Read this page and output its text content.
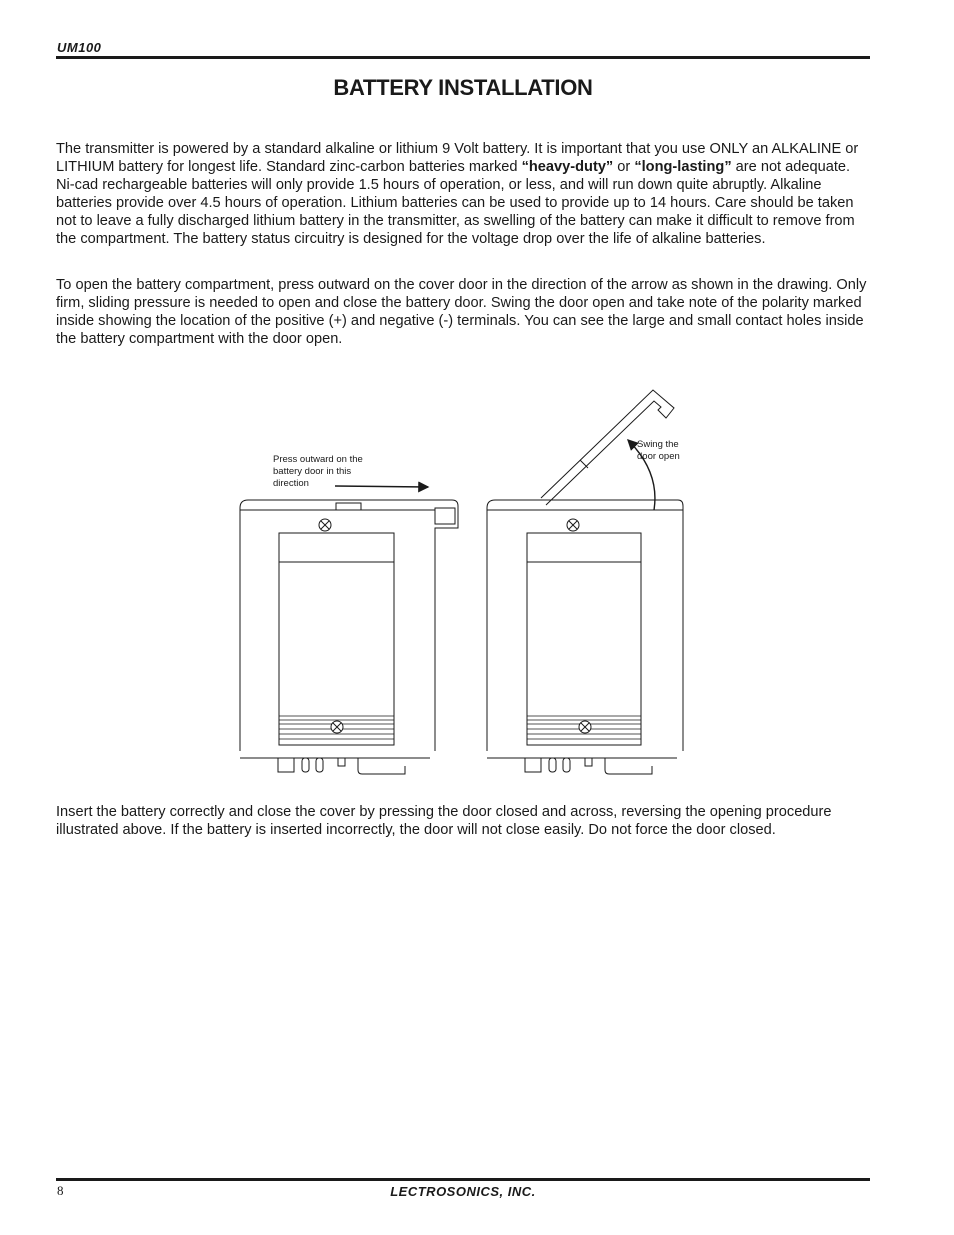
UM100
BATTERY INSTALLATION

The transmitter is powered by a standard alkaline or lithium 9 Volt battery. It is important that you use ONLY an ALKALINE or LITHIUM battery for longest life. Standard zinc-carbon batteries marked “heavy-duty” or “long-lasting” are not adequate. Ni-cad rechargeable batteries will only provide 1.5 hours of operation, or less, and will run down quite abruptly. Alkaline batteries provide over 4.5 hours of operation. Lithium batteries can be used to provide up to 14 hours. Care should be taken not to leave a fully discharged lithium battery in the transmitter, as swelling of the battery can make it difficult to remove from the compartment. The battery status circuitry is designed for the voltage drop over the life of alkaline batteries.

To open the battery compartment, press outward on the cover door in the direction of the arrow as shown in the drawing. Only firm, sliding pressure is needed to open and close the battery door. Swing the door open and take note of the polarity marked inside showing the location of the positive (+) and negative (-) terminals. You can see the large and small contact holes inside the battery compartment with the door open.

Press outward on the battery door in this direction
Swing the door open

Insert the battery correctly and close the cover by pressing the door closed and across, reversing the opening procedure illustrated above. If the battery is inserted incorrectly, the door will not close easily. Do not force the door closed.

8	LECTROSONICS, INC.
